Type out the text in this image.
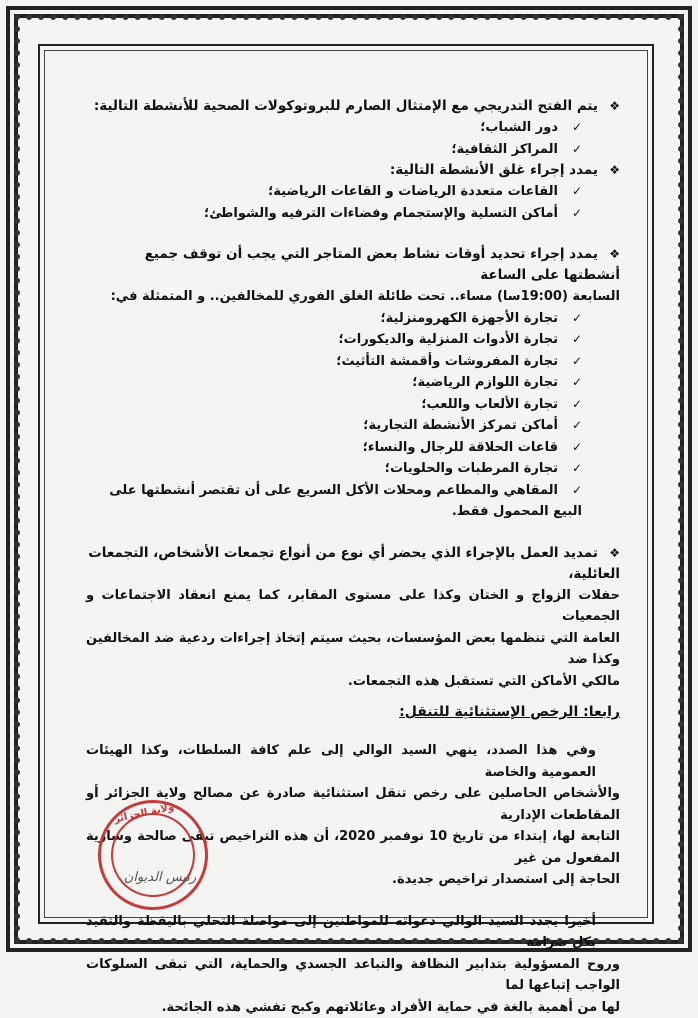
❖يتم الفتح التدريجي مع الإمتثال الصارم للبروتوكولات الصحية للأنشطة التالية:

✓دور الشباب؛
✓المراكز الثقافية؛

❖يمدد إجراء غلق الأنشطة التالية:

✓القاعات متعددة الرياضات و القاعات الرياضية؛
✓أماكن التسلية والإستجمام وفضاءات الترفيه والشواطئ؛

❖يمدد إجراء تحديد أوقات نشاط بعض المتاجر التي يجب أن توقف جميع أنشطتها على الساعة

السابعة (19:00سا) مساء.. تحت طائلة الغلق الفوري للمخالفين.. و المتمثلة في:

✓تجارة الأجهزة الكهرومنزلية؛
✓تجارة الأدوات المنزلية والديكورات؛
✓تجارة المفروشات وأقمشة التأثيث؛
✓تجارة اللوازم الرياضية؛
✓تجارة الألعاب واللعب؛
✓أماكن تمركز الأنشطة التجارية؛
✓قاعات الحلاقة للرجال والنساء؛
✓تجارة المرطبات والحلويات؛
✓المقاهي والمطاعم ومحلات الأكل السريع على أن تقتصر أنشطتها على البيع المحمول فقط.

❖تمديد العمل بالإجراء الذي يحضر أي نوع من أنواع تجمعات الأشخاص، التجمعات العائلية،

حفلات الزواج و الختان وكذا على مستوى المقابر، كما يمنع انعقاد الاجتماعات و الجمعيات

العامة التي تنظمها بعض المؤسسات، بحيث سيتم إتخاذ إجراءات ردعية ضد المخالفين وكذا ضد

مالكي الأماكن التي تستقبل هذه التجمعات.

رابعا: الرخص الإستثنائية للتنقل:

وفي هذا الصدد، ينهي السيد الوالي إلى علم كافة السلطات، وكذا الهيئات العمومية والخاصة

والأشخاص الحاصلين على رخص تنقل استثنائية صادرة عن مصالح ولاية الجزائر أو المقاطعات الإدارية

التابعة لها، إبتداء من تاريخ 10 نوفمبر 2020، أن هذه التراخيص تبقى صالحة وسارية المفعول من غير

الحاجة إلى استصدار تراخيص جديدة.

أخيرا يجدد السيد الوالي دعواته للمواطنين إلى مواصلة التحلي باليقظة والتقيد بكل صرامة

وروح المسؤولية بتدابير النظافة والتباعد الجسدي والحماية، التي تبقى السلوكات الواجب إتباعها لما

لها من أهمية بالغة في حماية الأفراد وعائلاتهم وكبح تفشي هذه الجائحة.

ولاية الجزائر
رئيس الديوان
